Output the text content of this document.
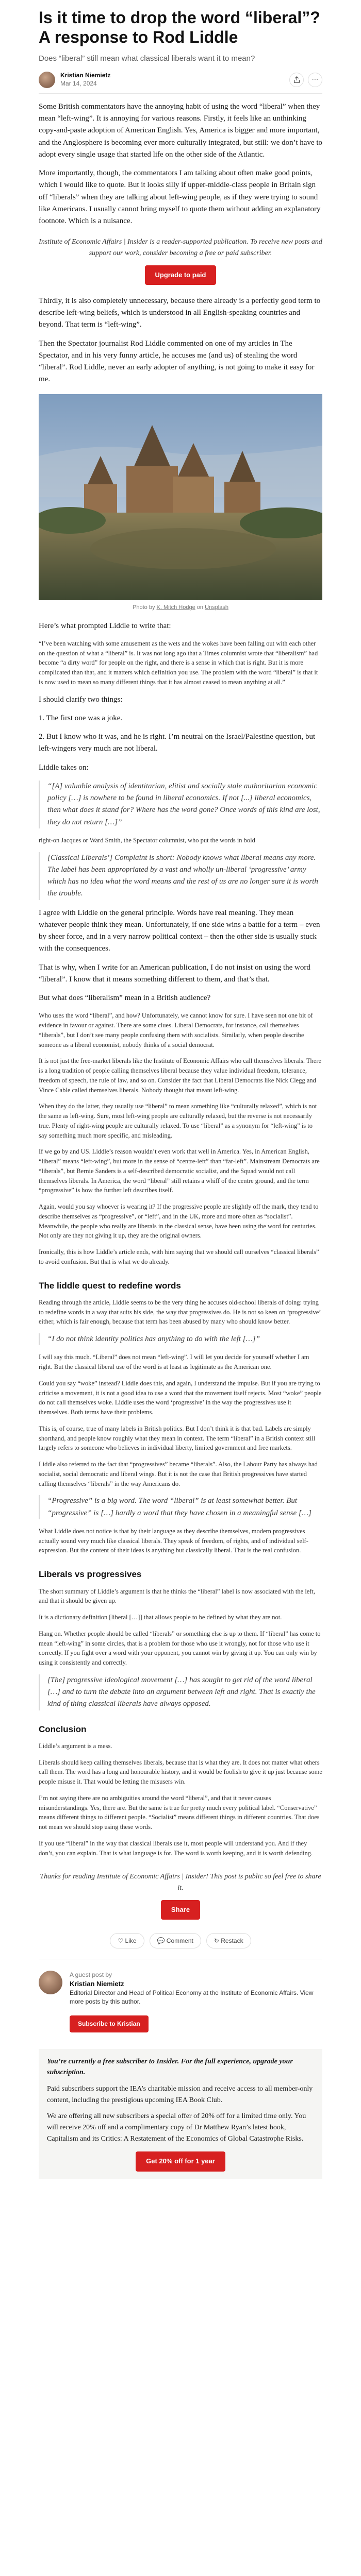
Is it time to drop the word “liberal”? A response to Rod Liddle
Does “liberal” still mean what classical liberals want it to mean?
Kristian Niemietz
Mar 14, 2024
⋯

Some British commentators have the annoying habit of using the word “liberal” when they mean “left-wing”. It is annoying for various reasons. Firstly, it feels like an unthinking copy-and-paste adoption of American English. Yes, America is bigger and more important, and the Anglosphere is becoming ever more culturally integrated, but still: we don’t have to adopt every single usage that started life on the other side of the Atlantic.

More importantly, though, the commentators I am talking about often make good points, which I would like to quote. But it looks silly if upper-middle-class people in Britain sign off “liberals” when they are talking about left-wing people, as if they were trying to sound like Americans. I usually cannot bring myself to quote them without adding an explanatory footnote. Which is a nuisance.

Institute of Economic Affairs | Insider is a reader-supported publication. To receive new posts and support our work, consider becoming a free or paid subscriber.

Upgrade to paid

Thirdly, it is also completely unnecessary, because there already is a perfectly good term to describe left-wing beliefs, which is understood in all English-speaking countries and beyond. That term is “left-wing”.

Then the Spectator journalist Rod Liddle commented on one of my articles in The Spectator, and in his very funny article, he accuses me (and us) of stealing the word “liberal”. Rod Liddle, never an early adopter of anything, is not going to make it easy for me.

Photo by K. Mitch Hodge on Unsplash

Here’s what prompted Liddle to write that:

“I’ve been watching with some amusement as the wets and the wokes have been falling out with each other on the question of what a “liberal” is. It was not long ago that a Times columnist wrote that “liberalism” had become “a dirty word” for people on the right, and there is a sense in which that is right. But it is more complicated than that, and it matters which definition you use. The problem with the word “liberal” is that it is now used to mean so many different things that it has almost ceased to mean anything at all.”

I should clarify two things:

1. The first one was a joke.

2. But I know who it was, and he is right. I’m neutral on the Israel/Palestine question, but left-wingers very much are not liberal.

Liddle takes on:

“[A] valuable analysis of identitarian, elitist and socially stale authoritarian economic policy […] is nowhere to be found in liberal economics. If not [...] liberal economics, then what does it stand for? Where has the word gone? Once words of this kind are lost, they do not return […]”

right-on Jacques or Ward Smith, the Spectator columnist, who put the words in bold

[Classical Liberals’] Complaint is short: Nobody knows what liberal means any more. The label has been appropriated by a vast and wholly un-liberal ‘progressive’ army which has no idea what the word means and the rest of us are no longer sure it is worth the trouble.

I agree with Liddle on the general principle. Words have real meaning. They mean whatever people think they mean. Unfortunately, if one side wins a battle for a term – even by sheer force, and in a very narrow political context – then the other side is usually stuck with the consequences.

That is why, when I write for an American publication, I do not insist on using the word “liberal”. I know that it means something different to them, and that’s that.

But what does “liberalism” mean in a British audience?

Who uses the word “liberal”, and how? Unfortunately, we cannot know for sure. I have seen not one bit of evidence in favour or against. There are some clues. Liberal Democrats, for instance, call themselves “liberals”, but I don’t see many people confusing them with socialists. Similarly, when people describe someone as a liberal economist, nobody thinks of a social democrat.

It is not just the free-market liberals like the Institute of Economic Affairs who call themselves liberals. There is a long tradition of people calling themselves liberal because they value individual freedom, tolerance, freedom of speech, the rule of law, and so on. Consider the fact that Liberal Democrats like Nick Clegg and Vince Cable called themselves liberals. Nobody thought that meant left-wing.

When they do the latter, they usually use “liberal” to mean something like “culturally relaxed”, which is not the same as left-wing. Sure, most left-wing people are culturally relaxed, but the reverse is not necessarily true. Plenty of right-wing people are culturally relaxed. To use “liberal” as a synonym for “left-wing” is to say something much more specific, and misleading.

If we go by and US. Liddle’s reason wouldn’t even work that well in America. Yes, in American English, “liberal” means “left-wing”, but more in the sense of “centre-left” than “far-left”. Mainstream Democrats are “liberals”, but Bernie Sanders is a self-described democratic socialist, and the Squad would not call themselves liberals. In America, the word “liberal” still retains a whiff of the centre ground, and the term “progressive” is how the further left describes itself.

Again, would you say whoever is wearing it? If the progressive people are slightly off the mark, they tend to describe themselves as “progressive”, or “left”, and in the UK, more and more often as “socialist”. Meanwhile, the people who really are liberals in the classical sense, have been using the word for centuries. Not only are they not giving it up, they are the original owners.

Ironically, this is how Liddle’s article ends, with him saying that we should call ourselves “classical liberals” to avoid confusion. But that is what we do already.

The liddle quest to redefine words

Reading through the article, Liddle seems to be the very thing he accuses old-school liberals of doing: trying to redefine words in a way that suits his side, the way that progressives do. He is not so keen on ‘progressive’ either, which is fair enough, because that term has been abused by many who should know better.

“I do not think identity politics has anything to do with the left […]”

I will say this much. “Liberal” does not mean “left-wing”. I will let you decide for yourself whether I am right. But the classical liberal use of the word is at least as legitimate as the American one.

Could you say “woke” instead? Liddle does this, and again, I understand the impulse. But if you are trying to criticise a movement, it is not a good idea to use a word that the movement itself rejects. Most “woke” people do not call themselves woke. Liddle uses the word ‘progressive’ in the way the progressives use it themselves. Both terms have their problems.

This is, of course, true of many labels in British politics. But I don’t think it is that bad. Labels are simply shorthand, and people know roughly what they mean in context. The term “liberal” in a British context still largely refers to someone who believes in individual liberty, limited government and free markets.

Liddle also referred to the fact that “progressives” became “liberals”. Also, the Labour Party has always had socialist, social democratic and liberal wings. But it is not the case that British progressives have started calling themselves “liberals” in the way Americans do.

“Progressive” is a big word. The word “liberal” is at least somewhat better. But “progressive” is […] hardly a word that they have chosen in a meaningful sense […]

What Liddle does not notice is that by their language as they describe themselves, modern progressives actually sound very much like classical liberals. They speak of freedom, of rights, and of individual self-expression. But the content of their ideas is anything but classically liberal. That is the real confusion.

Liberals vs progressives

The short summary of Liddle’s argument is that he thinks the “liberal” label is now associated with the left, and that it should be given up.

It is a dictionary definition [liberal […]] that allows people to be defined by what they are not.

Hang on. Whether people should be called “liberals” or something else is up to them. If “liberal” has come to mean “left-wing” in some circles, that is a problem for those who use it wrongly, not for those who use it correctly. If you fight over a word with your opponent, you cannot win by giving it up. You can only win by using it consistently and correctly.

[The] progressive ideological movement […] has sought to get rid of the word liberal […] and to turn the debate into an argument between left and right. That is exactly the kind of thing classical liberals have always opposed.
Conclusion

Liddle’s argument is a mess.

Liberals should keep calling themselves liberals, because that is what they are. It does not matter what others call them. The word has a long and honourable history, and it would be foolish to give it up just because some people misuse it. That would be letting the misusers win.

I’m not saying there are no ambiguities around the word “liberal”, and that it never causes misunderstandings. Yes, there are. But the same is true for pretty much every political label. “Conservative” means different things to different people. “Socialist” means different things in different countries. That does not mean we should stop using these words.

If you use “liberal” in the way that classical liberals use it, most people will understand you. And if they don’t, you can explain. That is what language is for. The word is worth keeping, and it is worth defending.

Thanks for reading Institute of Economic Affairs | Insider! This post is public so feel free to share it.
Share
♡ Like	💬 Comment	↻ Restack
A guest post by
Kristian Niemietz
Editorial Director and Head of Political Economy at the Institute of Economic Affairs. View more posts by this author.
Subscribe to Kristian

You’re currently a free subscriber to Insider. For the full experience, upgrade your subscription.

Paid subscribers support the IEA’s charitable mission and receive access to all member-only content, including the prestigious upcoming IEA Book Club.

We are offering all new subscribers a special offer of 20% off for a limited time only. You will receive 20% off and a complimentary copy of Dr Matthew Ryan’s latest book, Capitalism and its Critics: A Restatement of the Economics of Global Catastrophe Risks.

Get 20% off for 1 year
